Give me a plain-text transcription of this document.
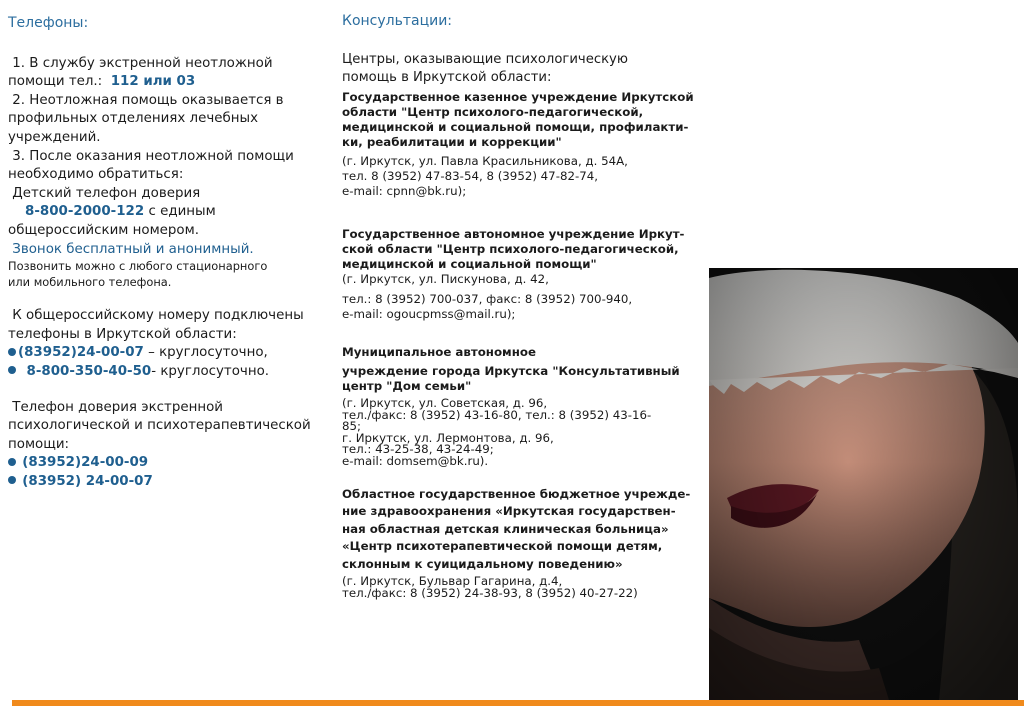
Телефоны:

1. В службу экстренной неотложной

помощи тел.: 112 или 03

2. Неотложная помощь оказывается в

профильных отделениях лечебных

учреждений.

3. После оказания неотложной помощи

необходимо обратиться:

Детский телефон доверия

8-800-2000-122 с единым

общероссийским номером.

Звонок бесплатный и анонимный.

Позвонить можно с любого стационарного

или мобильного телефона.

К общероссийскому номеру подключены

телефоны в Иркутской области:

(83952)24-00-07 – круглосуточно,

8-800-350-40-50- круглосуточно.

Телефон доверия экстренной

психологической и психотерапевтической

помощи:

(83952)24-00-09

(83952) 24-00-07

Консультации:

Центры, оказывающие психологическую

помощь в Иркутской области:

Государственное казенное учреждение Иркутской

области "Центр психолого-педагогической,

медицинской и социальной помощи, профилакти-

ки, реабилитации и коррекции"

(г. Иркутск, ул. Павла Красильникова, д. 54А,

тел. 8 (3952) 47-83-54, 8 (3952) 47-82-74,

e-mail: cpnn@bk.ru);

Государственное автономное учреждение Иркут-

ской области "Центр психолого-педагогической,

медицинской и социальной помощи"

(г. Иркутск, ул. Пискунова, д. 42,

тел.: 8 (3952) 700-037, факс: 8 (3952) 700-940,

e-mail: ogoucpmss@mail.ru);

Муниципальное автономное

учреждение города Иркутска "Консультативный

центр "Дом семьи"

(г. Иркутск, ул. Советская, д. 96,

тел./факс: 8 (3952) 43-16-80, тел.: 8 (3952) 43-16-

85;

г. Иркутск, ул. Лермонтова, д. 96,

тел.: 43-25-38, 43-24-49;

e-mail: domsem@bk.ru).

Областное государственное бюджетное учрежде-

ние здравоохранения «Иркутская государствен-

ная областная детская клиническая больница»

«Центр психотерапевтической помощи детям,

склонным к суицидальному поведению»

(г. Иркутск, Бульвар Гагарина, д.4,

тел./факс: 8 (3952) 24-38-93, 8 (3952) 40-27-22)
